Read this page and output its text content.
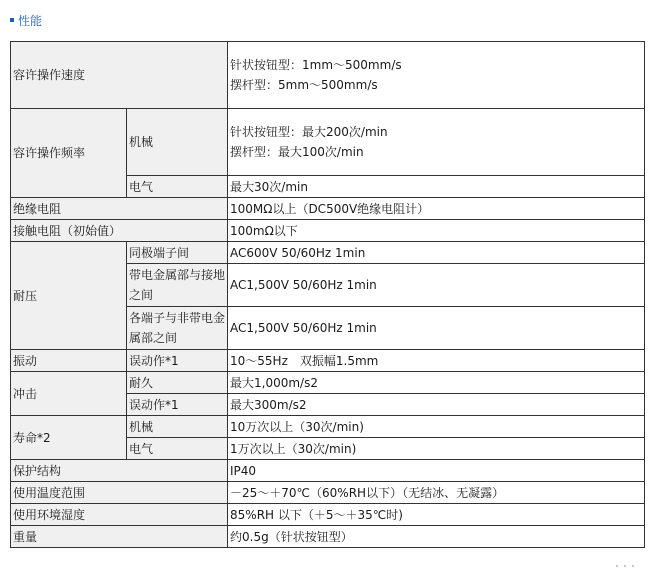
性能
容许操作速度		针状按钮型：1mm～500mm/s
摆杆型：5mm～500mm/s

容许操作频率	机械	针状按钮型：最大200次/min
摆杆型：最大100次/min

	电气	最大30次/min
绝缘电阻		100MΩ以上（DC500V绝缘电阻计）
接触电阻（初始值）		100mΩ以下
耐压	同极端子间	AC600V 50/60Hz 1min

	带电金属部与接地
之间	AC1,500V 50/60Hz 1min

	各端子与非带电金
属部之间	AC1,500V 50/60Hz 1min
振动	误动作*1	10～55Hz　双振幅1.5mm
冲击	耐久	最大1,000m/s2
	误动作*1	最大300m/s2
寿命*2	机械	10万次以上（30次/min)
	电气	1万次以上（30次/min)
保护结构		IP40
使用温度范围		－25～＋70℃（60%RH以下）（无结冰、无凝露）
使用环境湿度		85%RH 以下（＋5～＋35℃时)
重量		约0.5g（针状按钮型）
